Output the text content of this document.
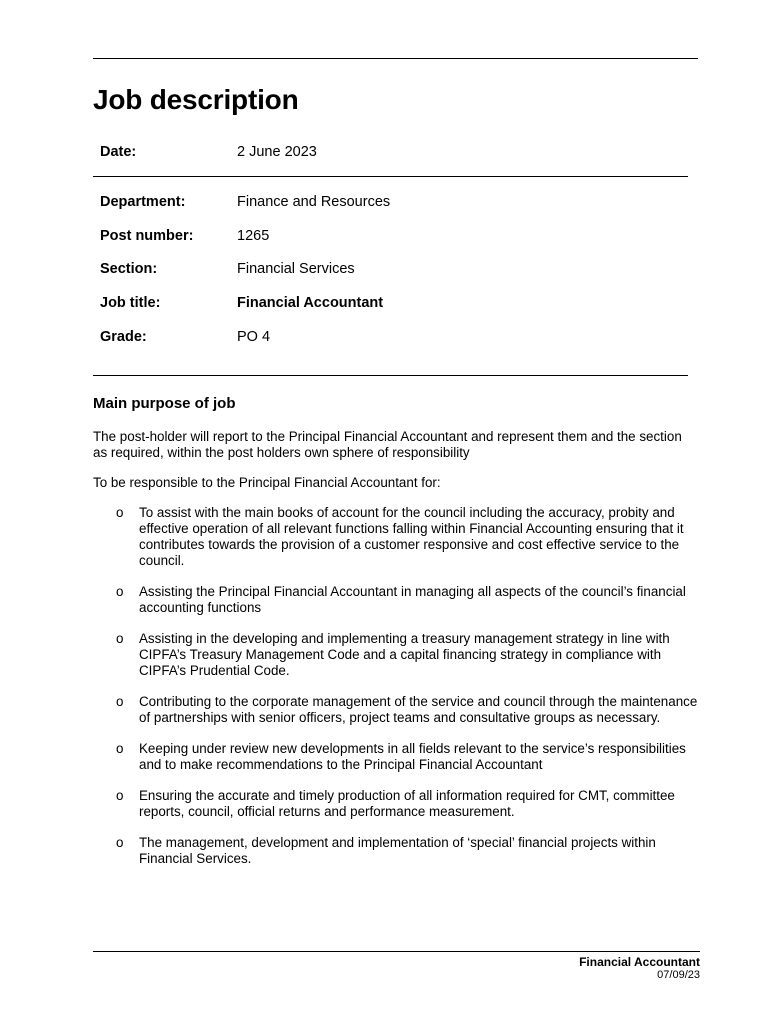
Job description
Date:	2 June 2023
Department:	Finance and Resources
Post number:	1265
Section:	Financial Services
Job title:	Financial Accountant
Grade:	PO 4
Main purpose of job

The post-holder will report to the Principal Financial Accountant and represent them and the section as required, within the post holders own sphere of responsibility

To be responsible to the Principal Financial Accountant for:

o To assist with the main books of account for the council including the accuracy, probity and effective operation of all relevant functions falling within Financial Accounting ensuring that it contributes towards the provision of a customer responsive and cost effective service to the council.
o Assisting the Principal Financial Accountant in managing all aspects of the council’s financial accounting functions
o Assisting in the developing and implementing a treasury management strategy in line with CIPFA’s Treasury Management Code and a capital financing strategy in compliance with CIPFA’s Prudential Code.
o Contributing to the corporate management of the service and council through the maintenance of partnerships with senior officers, project teams and consultative groups as necessary.
o Keeping under review new developments in all fields relevant to the service’s responsibilities and to make recommendations to the Principal Financial Accountant
o Ensuring the accurate and timely production of all information required for CMT, committee reports, council, official returns and performance measurement.
o The management, development and implementation of ‘special’ financial projects within Financial Services.
Financial Accountant
07/09/23
